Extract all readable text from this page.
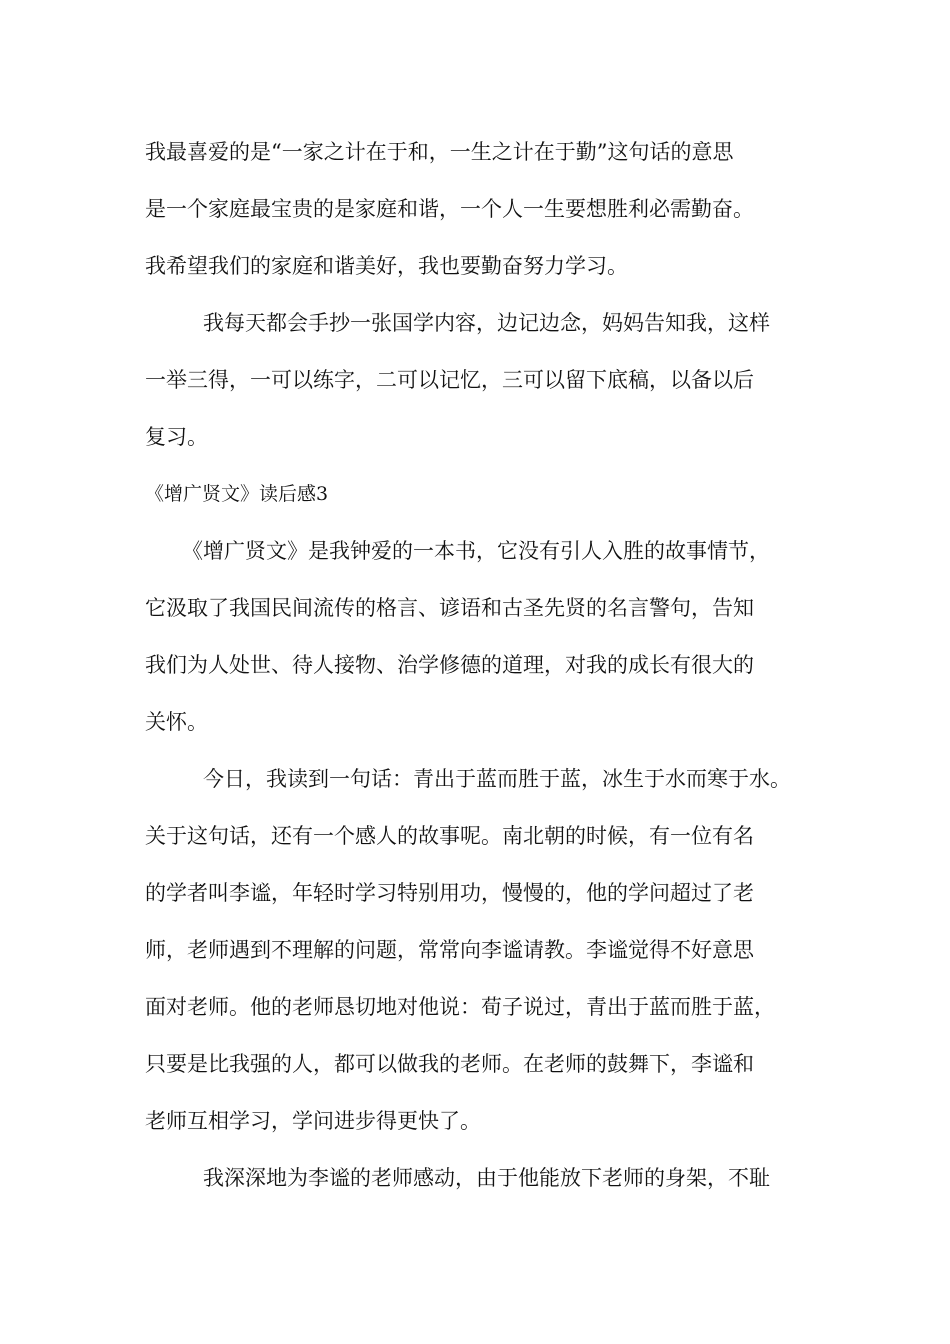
我最喜爱的是“一家之计在于和，一生之计在于勤”这句话的意思
是一个家庭最宝贵的是家庭和谐，一个人一生要想胜利必需勤奋。
我希望我们的家庭和谐美好，我也要勤奋努力学习。
我每天都会手抄一张国学内容，边记边念，妈妈告知我，这样
一举三得，一可以练字，二可以记忆，三可以留下底稿，以备以后
复习。
《增广贤文》读后感3
《增广贤文》是我钟爱的一本书，它没有引人入胜的故事情节，
它汲取了我国民间流传的格言、谚语和古圣先贤的名言警句，告知
我们为人处世、待人接物、治学修德的道理，对我的成长有很大的
关怀。
今日，我读到一句话：青出于蓝而胜于蓝，冰生于水而寒于水。
关于这句话，还有一个感人的故事呢。南北朝的时候，有一位有名
的学者叫李谧，年轻时学习特别用功，慢慢的，他的学问超过了老
师，老师遇到不理解的问题，常常向李谧请教。李谧觉得不好意思
面对老师。他的老师恳切地对他说：荀子说过，青出于蓝而胜于蓝，
只要是比我强的人，都可以做我的老师。在老师的鼓舞下，李谧和
老师互相学习，学问进步得更快了。
我深深地为李谧的老师感动，由于他能放下老师的身架，不耻
